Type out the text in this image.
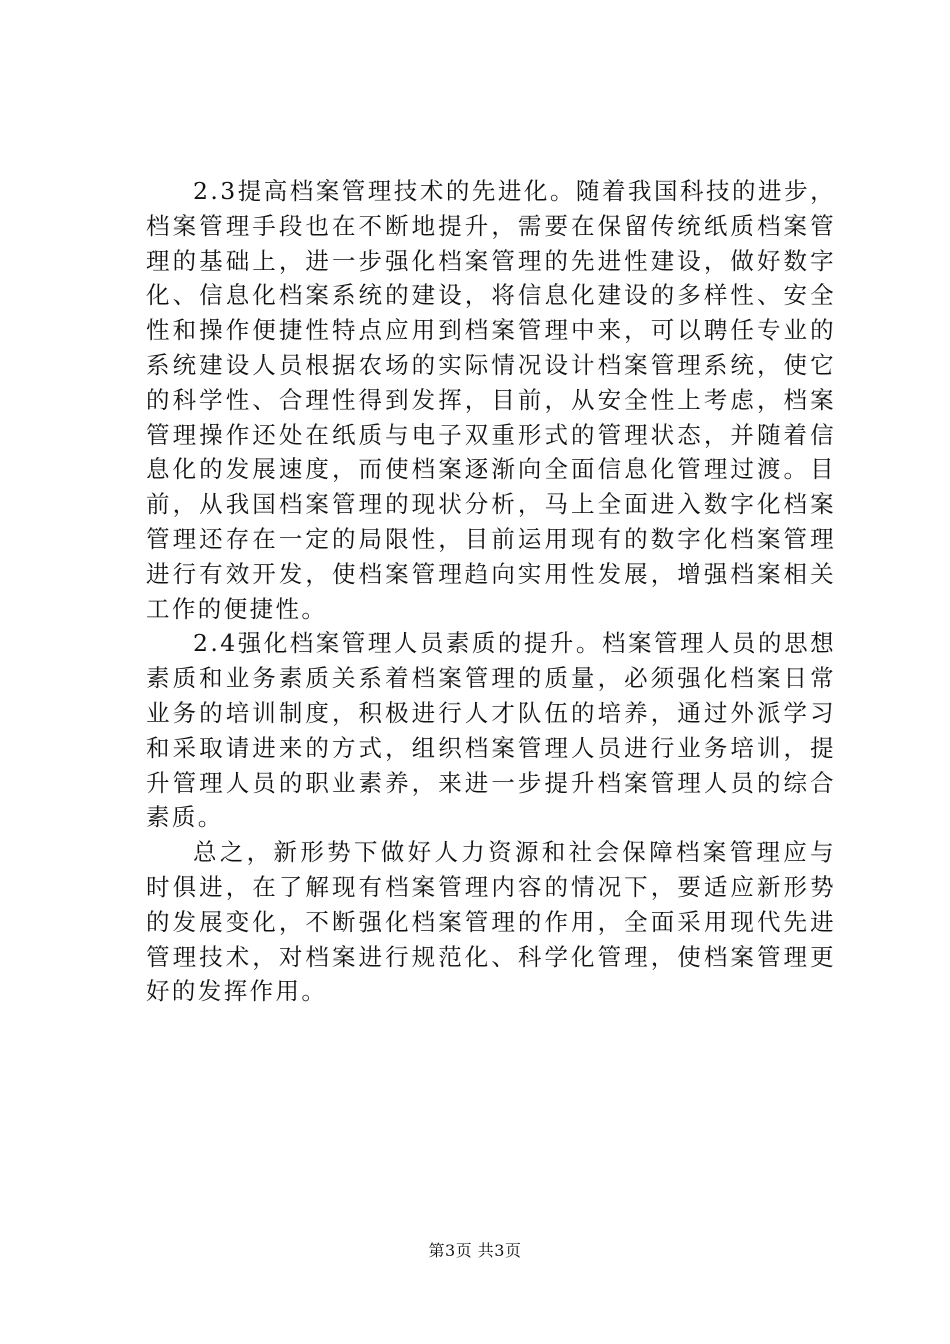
2.3提高档案管理技术的先进化。随着我国科技的进步，档案管理手段也在不断地提升，需要在保留传统纸质档案管理的基础上，进一步强化档案管理的先进性建设，做好数字化、信息化档案系统的建设，将信息化建设的多样性、安全性和操作便捷性特点应用到档案管理中来，可以聘任专业的系统建设人员根据农场的实际情况设计档案管理系统，使它的科学性、合理性得到发挥，目前，从安全性上考虑，档案管理操作还处在纸质与电子双重形式的管理状态，并随着信息化的发展速度，而使档案逐渐向全面信息化管理过渡。目前，从我国档案管理的现状分析，马上全面进入数字化档案管理还存在一定的局限性，目前运用现有的数字化档案管理进行有效开发，使档案管理趋向实用性发展，增强档案相关工作的便捷性。

2.4强化档案管理人员素质的提升。档案管理人员的思想素质和业务素质关系着档案管理的质量，必须强化档案日常业务的培训制度，积极进行人才队伍的培养，通过外派学习和采取请进来的方式，组织档案管理人员进行业务培训，提升管理人员的职业素养，来进一步提升档案管理人员的综合素质。

总之，新形势下做好人力资源和社会保障档案管理应与时俱进，在了解现有档案管理内容的情况下，要适应新形势的发展变化，不断强化档案管理的作用，全面采用现代先进管理技术，对档案进行规范化、科学化管理，使档案管理更好的发挥作用。

第3页 共3页
